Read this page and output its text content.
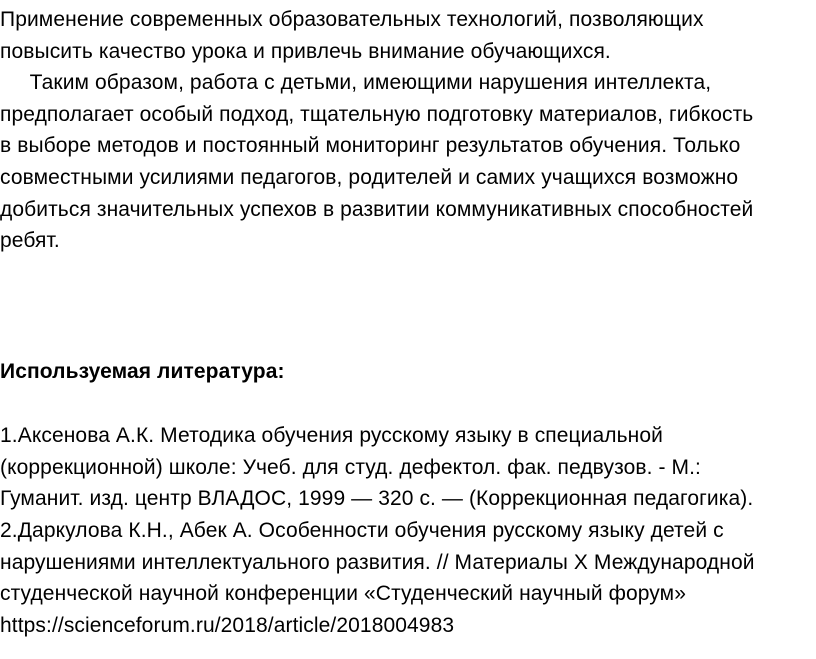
Применение современных образовательных технологий, позволяющих
повысить качество урока и привлечь внимание обучающихся.
Таким образом, работа с детьми, имеющими нарушения интеллекта,
предполагает особый подход, тщательную подготовку материалов, гибкость
в выборе методов и постоянный мониторинг результатов обучения. Только
совместными усилиями педагогов, родителей и самих учащихся возможно
добиться значительных успехов в развитии коммуникативных способностей
ребят.
Используемая литература:
1.Аксенова А.К. Методика обучения русскому языку в специальной
(коррекционной) школе: Учеб. для студ. дефектол. фак. педвузов. - М.:
Гуманит. изд. центр ВЛАДОС, 1999 — 320 с. — (Коррекционная педагогика).
2.Даркулова К.Н., Абек А. Особенности обучения русскому языку детей с
нарушениями интеллектуального развития. // Материалы X Международной
студенческой научной конференции «Студенческий научный форум»
https://scienceforum.ru/2018/article/2018004983
